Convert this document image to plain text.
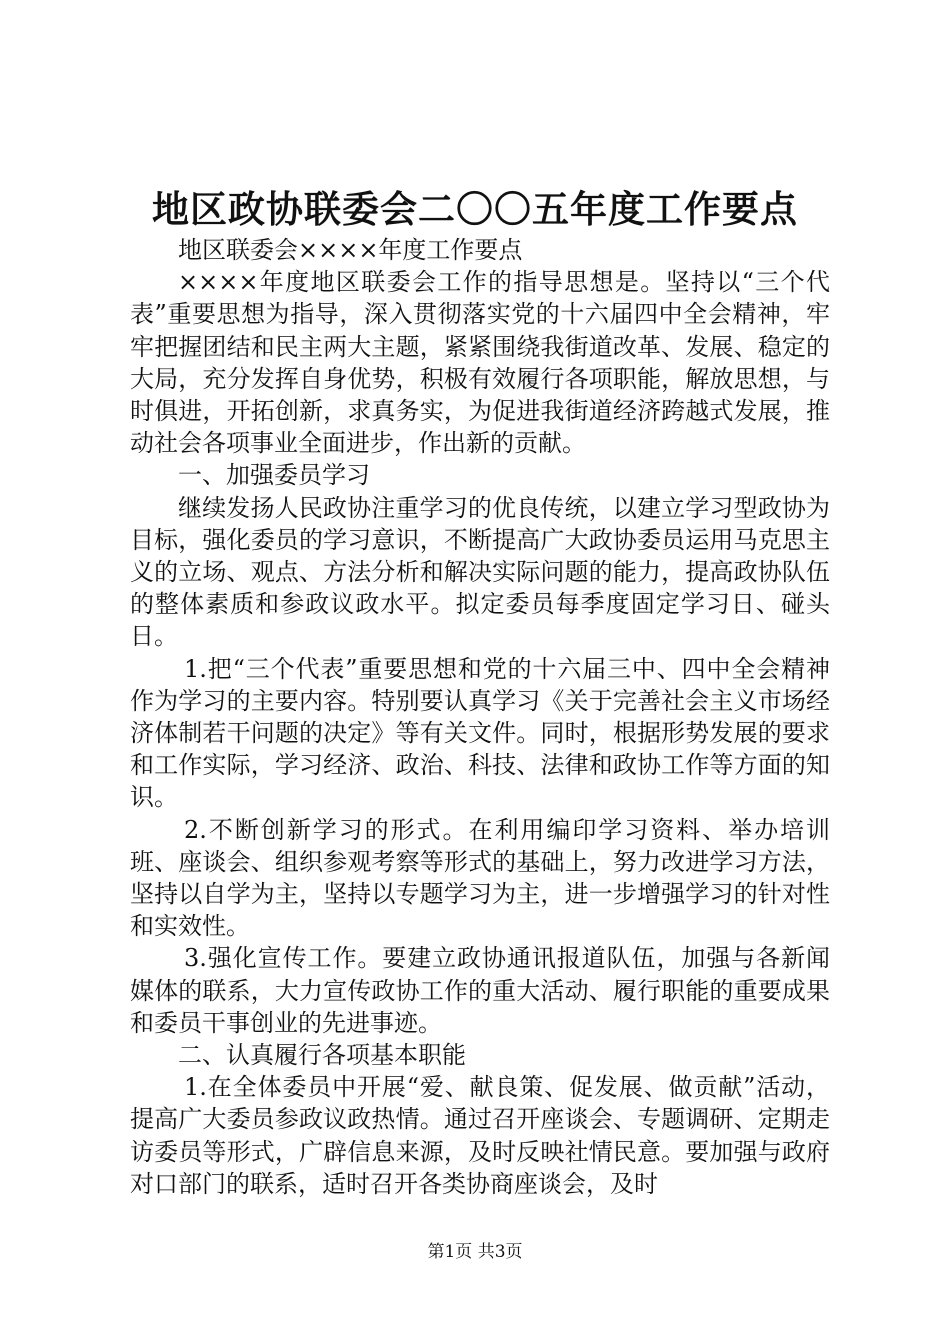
地区政协联委会二〇〇五年度工作要点

地区联委会××××年度工作要点

××××年度地区联委会工作的指导思想是。坚持以“三个代表”重要思想为指导，深入贯彻落实党的十六届四中全会精神，牢牢把握团结和民主两大主题，紧紧围绕我街道改革、发展、稳定的大局，充分发挥自身优势，积极有效履行各项职能，解放思想，与时俱进，开拓创新，求真务实，为促进我街道经济跨越式发展，推动社会各项事业全面进步，作出新的贡献。

一、加强委员学习

继续发扬人民政协注重学习的优良传统，以建立学习型政协为目标，强化委员的学习意识，不断提高广大政协委员运用马克思主义的立场、观点、方法分析和解决实际问题的能力，提高政协队伍的整体素质和参政议政水平。拟定委员每季度固定学习日、碰头日。

1.把“三个代表”重要思想和党的十六届三中、四中全会精神作为学习的主要内容。特别要认真学习《关于完善社会主义市场经济体制若干问题的决定》等有关文件。同时，根据形势发展的要求和工作实际，学习经济、政治、科技、法律和政协工作等方面的知识。

2.不断创新学习的形式。在利用编印学习资料、举办培训班、座谈会、组织参观考察等形式的基础上，努力改进学习方法，坚持以自学为主，坚持以专题学习为主，进一步增强学习的针对性和实效性。

3.强化宣传工作。要建立政协通讯报道队伍，加强与各新闻媒体的联系，大力宣传政协工作的重大活动、履行职能的重要成果和委员干事创业的先进事迹。

二、认真履行各项基本职能

1.在全体委员中开展“爱、献良策、促发展、做贡献”活动，提高广大委员参政议政热情。通过召开座谈会、专题调研、定期走访委员等形式，广辟信息来源，及时反映社情民意。要加强与政府对口部门的联系，适时召开各类协商座谈会，及时

第1页 共3页
